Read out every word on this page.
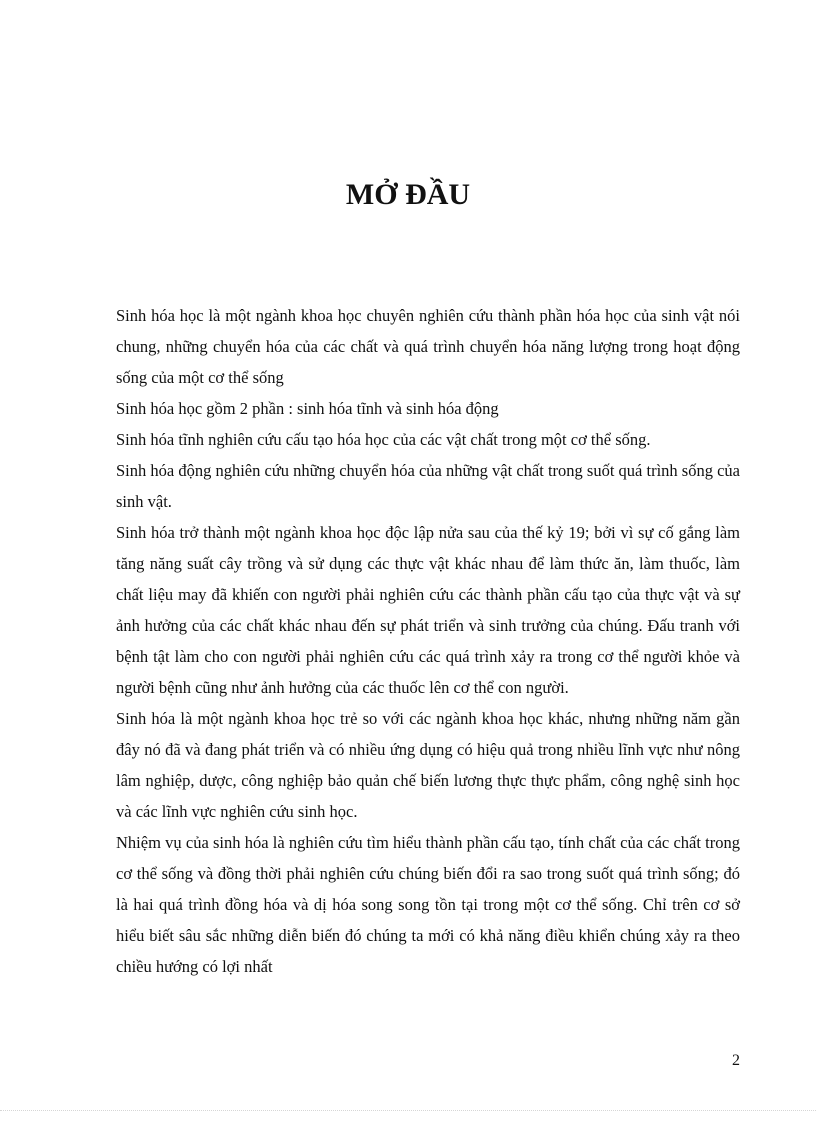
MỞ ĐẦU

Sinh hóa học là một ngành khoa học chuyên nghiên cứu thành phần hóa học của sinh vật nói chung, những chuyển hóa của các chất và quá trình chuyển hóa năng lượng trong hoạt động sống của một cơ thể sống

Sinh hóa học gồm 2 phần : sinh hóa tĩnh và sinh hóa động

Sinh hóa tĩnh nghiên cứu cấu tạo hóa học của các vật chất trong một cơ thể sống.

Sinh hóa động nghiên cứu những chuyển hóa của những vật chất trong suốt quá trình sống của sinh vật.

Sinh hóa trở thành một ngành khoa học độc lập nửa sau của thế kỷ 19; bởi vì sự cố gắng làm tăng năng suất cây trồng và sử dụng các thực vật khác nhau để làm thức ăn, làm thuốc, làm chất liệu may đã khiến con người phải nghiên cứu các thành phần cấu tạo của thực vật và sự ảnh hưởng của các chất khác nhau đến sự phát triển và sinh trưởng của chúng. Đấu tranh với bệnh tật làm cho con người phải nghiên cứu các quá trình xảy ra trong cơ thể người khỏe và người bệnh cũng như ảnh hưởng của các thuốc lên cơ thể con người.

Sinh hóa là một ngành khoa học trẻ so với các ngành khoa học khác, nhưng những năm gần đây nó đã và đang phát triển và có nhiều ứng dụng có hiệu quả trong nhiều lĩnh vực như nông lâm nghiệp, dược, công nghiệp bảo quản chế biến lương thực thực phẩm, công nghệ sinh học và các lĩnh vực nghiên cứu sinh học.

Nhiệm vụ của sinh hóa là nghiên cứu tìm hiểu thành phần cấu tạo, tính chất của các chất trong cơ thể sống và đồng thời phải nghiên cứu chúng biến đổi ra sao trong suốt quá trình sống; đó là hai quá trình đồng hóa và dị hóa song song tồn tại trong một cơ thể sống. Chỉ trên cơ sở hiểu biết sâu sắc những diễn biến đó chúng ta mới có khả năng điều khiển chúng xảy ra theo chiều hướng có lợi nhất

2
